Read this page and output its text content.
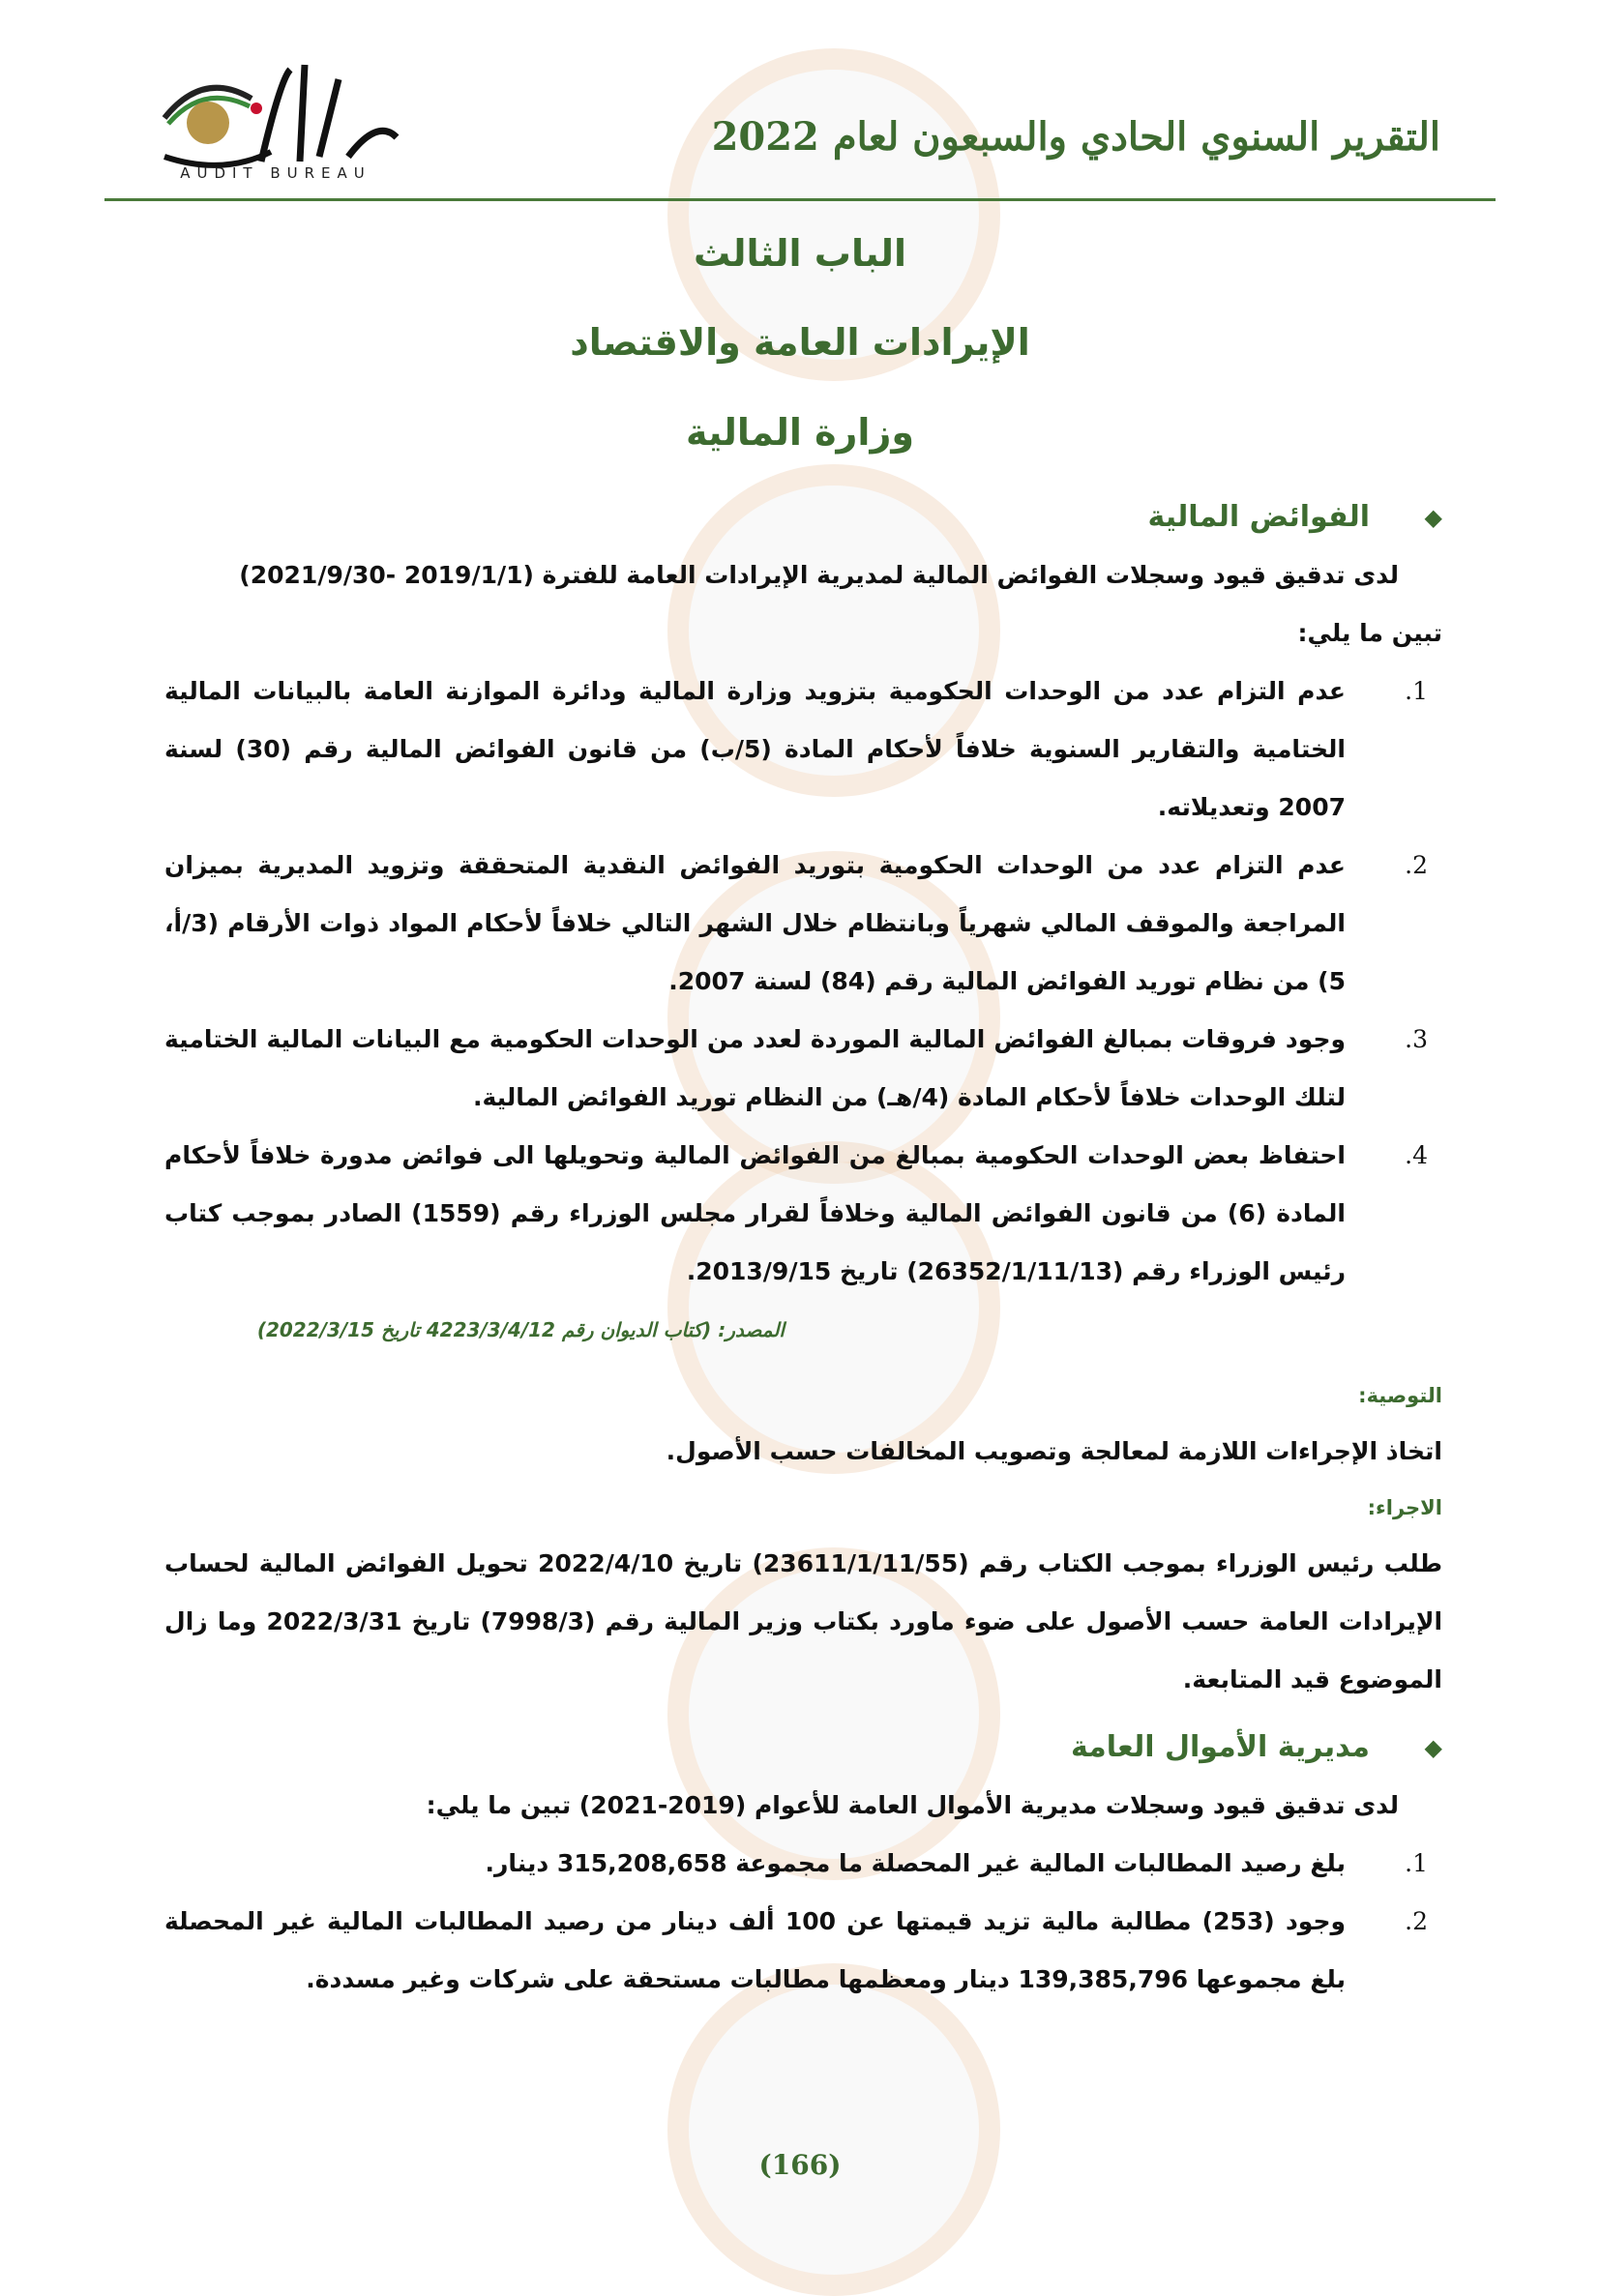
AUDIT BUREAU
التقرير السنوي الحادي والسبعون لعام 2022
الباب الثالث
الإيرادات العامة والاقتصاد
وزارة المالية
◆
الفوائض المالية

لدى تدقيق قيود وسجلات الفوائض المالية لمديرية الإيرادات العامة للفترة (2019/1/1 -2021/9/30)

تبين ما يلي:

1.
عدم التزام عدد من الوحدات الحكومية بتزويد وزارة المالية ودائرة الموازنة العامة بالبيانات المالية الختامية والتقارير السنوية خلافاً لأحكام المادة (5/ب) من قانون الفوائض المالية رقم (30) لسنة 2007 وتعديلاته.
2.
عدم التزام عدد من الوحدات الحكومية بتوريد الفوائض النقدية المتحققة وتزويد المديرية بميزان المراجعة والموقف المالي شهرياً وبانتظام خلال الشهر التالي خلافاً لأحكام المواد ذوات الأرقام (3/أ، 5) من نظام توريد الفوائض المالية رقم (84) لسنة 2007.
3.
وجود فروقات بمبالغ الفوائض المالية الموردة لعدد من الوحدات الحكومية مع البيانات المالية الختامية لتلك الوحدات خلافاً لأحكام المادة (4/هـ) من النظام توريد الفوائض المالية.
4.
احتفاظ بعض الوحدات الحكومية بمبالغ من الفوائض المالية وتحويلها الى فوائض مدورة خلافاً لأحكام المادة (6) من قانون الفوائض المالية وخلافاً لقرار مجلس الوزراء رقم (1559) الصادر بموجب كتاب رئيس الوزراء رقم (26352/1/11/13) تاريخ 2013/9/15.
المصدر: (كتاب الديوان رقم 4223/3/4/12 تاريخ 2022/3/15)
التوصية:

اتخاذ الإجراءات اللازمة لمعالجة وتصويب المخالفات حسب الأصول.

الاجراء:

طلب رئيس الوزراء بموجب الكتاب رقم (23611/1/11/55) تاريخ 2022/4/10 تحويل الفوائض المالية لحساب الإيرادات العامة حسب الأصول على ضوء ماورد بكتاب وزير المالية رقم (7998/3) تاريخ 2022/3/31 وما زال الموضوع قيد المتابعة.

◆
مديرية الأموال العامة

لدى تدقيق قيود وسجلات مديرية الأموال العامة للأعوام (2019-2021) تبين ما يلي:

1.
بلغ رصيد المطالبات المالية غير المحصلة ما مجموعة 315,208,658 دينار.
2.
وجود (253) مطالبة مالية تزيد قيمتها عن 100 ألف دينار من رصيد المطالبات المالية غير المحصلة بلغ مجموعها 139,385,796 دينار ومعظمها مطالبات مستحقة على شركات وغير مسددة.
(166)
